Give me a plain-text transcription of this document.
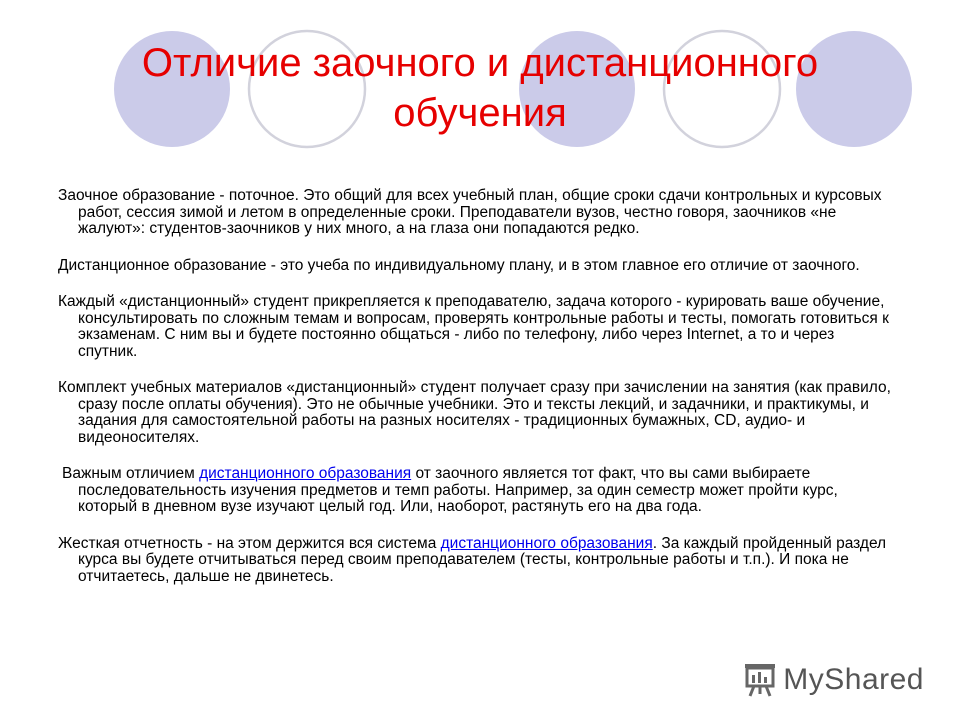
Отличие заочного и дистанционного обучения

Заочное образование - поточное. Это общий для всех учебный план, общие сроки сдачи контрольных и курсовых работ, сессия зимой и летом в определенные сроки. Преподаватели вузов, честно говоря, заочников «не жалуют»: студентов-заочников у них много, а на глаза они попадаются редко.

Дистанционное образование - это учеба по индивидуальному плану, и в этом главное его отличие от заочного.

Каждый «дистанционный» студент прикрепляется к преподавателю, задача которого - курировать ваше обучение, консультировать по сложным темам и вопросам, проверять контрольные работы и тесты, помогать готовиться к экзаменам. С ним вы и будете постоянно общаться - либо по телефону, либо через Internet, а то и через спутник.

Комплект учебных материалов «дистанционный» студент получает сразу при зачислении на занятия (как правило, сразу после оплаты обучения). Это не обычные учебники. Это и тексты лекций, и задачники, и практикумы, и задания для самостоятельной работы на разных носителях - традиционных бумажных, CD, аудио- и видеоносителях.

Важным отличием дистанционного образования от заочного является тот факт, что вы сами выбираете последовательность изучения предметов и темп работы. Например, за один семестр может пройти курс, который в дневном вузе изучают целый год. Или, наоборот, растянуть его на два года.

Жесткая отчетность - на этом держится вся система дистанционного образования. За каждый пройденный раздел курса вы будете отчитываться перед своим преподавателем (тесты, контрольные работы и т.п.). И пока не отчитаетесь, дальше не двинетесь.

MyShared
